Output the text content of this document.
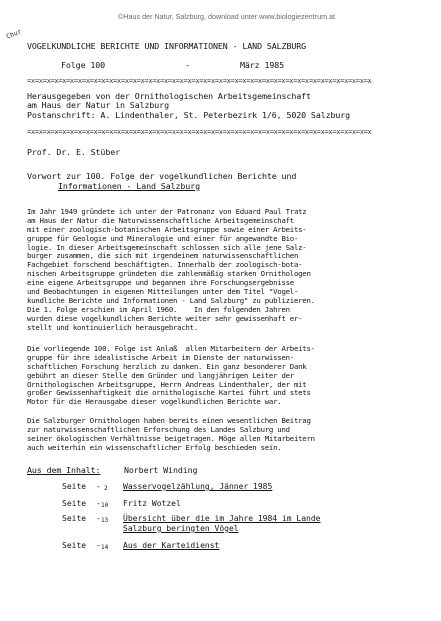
©Haus der Natur, Salzburg, download unter www.biologiezentrum.at
Chur
VOGELKUNDLICHE BERICHTE UND INFORMATIONEN - LAND SALZBURG
Folge 100	-	März 1985
=x=x=x=x=x=x=x=x=x=x=x=x=x=x=x=x=x=x=x=x=x=x=x=x=x=x=x=x=x=x=x=x=x=x=x=x=x=x=x=x=x=x=x=x
Herausgegeben von der Ornithologischen Arbeitsgemeinschaft
am Haus der Natur in Salzburg
Postanschrift: A. Lindenthaler, St. Peterbezirk 1/6, 5020 Salzburg
=x=x=x=x=x=x=x=x=x=x=x=x=x=x=x=x=x=x=x=x=x=x=x=x=x=x=x=x=x=x=x=x=x=x=x=x=x=x=x=x=x=x=x=x
Prof. Dr. E. Stüber
Vorwort zur 100. Folge der vogelkundlichen Berichte und
Informationen - Land Salzburg

Im Jahr 1949 gründete ich unter der Patronanz von Eduard Paul Tratz
am Haus der Natur die Naturwissenschaftliche Arbeitsgemeinschaft
mit einer zoologisch-botanischen Arbeitsgruppe sowie einer Arbeits-
gruppe für Geologie und Mineralogie und einer für angewandte Bio-
logie. In dieser Arbeitsgemeinschaft schlossen sich alle jene Salz-
burger zusammen, die sich mit irgendeinem naturwissenschaftlichen
Fachgebiet forschend beschäftigten. Innerhalb der zoologisch-bota-
nischen Arbeitsgruppe gründeten die zahlenmäßig starken Ornithologen
eine eigene Arbeitsgruppe und begannen ihre Forschungsergebnisse
und Beobachtungen in eigenen Mitteilungen unter dem Titel "Vogel-
kundliche Berichte und Informationen - Land Salzburg" zu publizieren.
Die 1. Folge erschien im April 1960.    In den folgenden Jahren
wurden diese vogelkundlichen Berichte weiter sehr gewissenhaft er-
stellt und kontinuierlich herausgebracht.

Die vorliegende 100. Folge ist Anlaß  allen Mitarbeitern der Arbeits-
gruppe für ihre idealistische Arbeit im Dienste der naturwissen-
schaftlichen Forschung herzlich zu danken. Ein ganz besonderer Dank
gebührt an dieser Stelle dem Gründer und langjährigen Leiter der
Ornithologischen Arbeitsgruppe, Herrn Andreas Lindenthaler, der mit
großer Gewissenhaftigkeit die ornithologische Kartei führt und stets
Motor für die Herausgabe dieser vogelkundlichen Berichte war.

Die Salzburger Ornithologen haben bereits einen wesentlichen Beitrag
zur naturwissenschaftlichen Erforschung des Landes Salzburg und
seiner ökologischen Verhältnisse beigetragen. Möge allen Mitarbeitern
auch weiterhin ein wissenschaftlicher Erfolg beschieden sein.

Aus dem Inhalt:	Norbert Winding
Seite - 2 Wasservogelzählung, Jänner 1985
Seite - 10 Fritz Wotzel
Seite - 13 Übersicht über die im Jahre 1984 im Lande
Salzburg beringten Vögel
Seite - 14 Aus der Karteidienst
